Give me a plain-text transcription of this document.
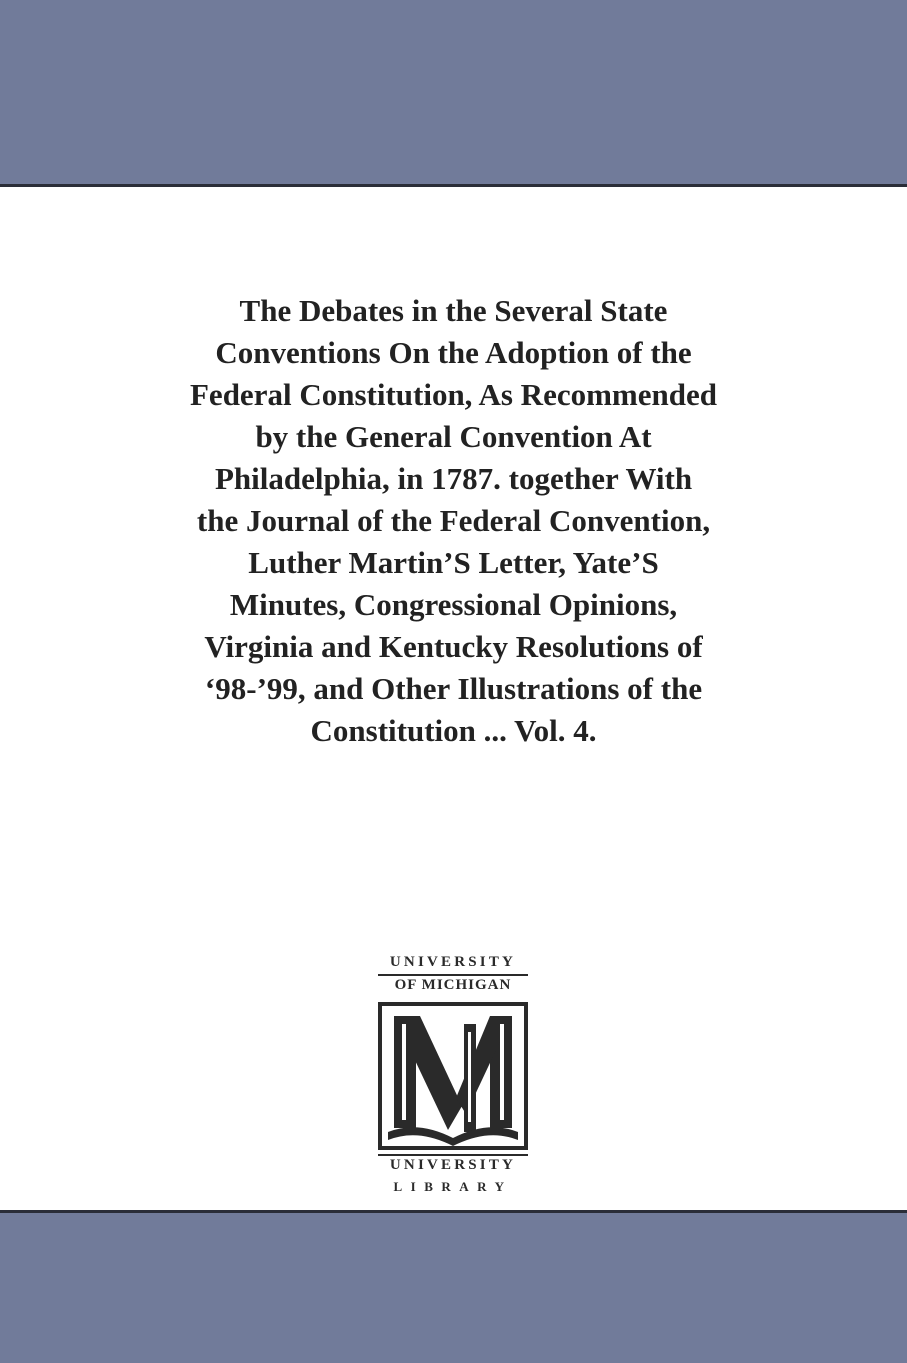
The Debates in the Several State
Conventions On the Adoption of the
Federal Constitution, As Recommended
by the General Convention At
Philadelphia, in 1787. together With
the Journal of the Federal Convention,
Luther Martin’S Letter, Yate’S
Minutes, Congressional Opinions,
Virginia and Kentucky Resolutions of
‘98-’99, and Other Illustrations of the
Constitution ... Vol. 4.
UNIVERSITY
OF MICHIGAN
UNIVERSITY
LIBRARY
